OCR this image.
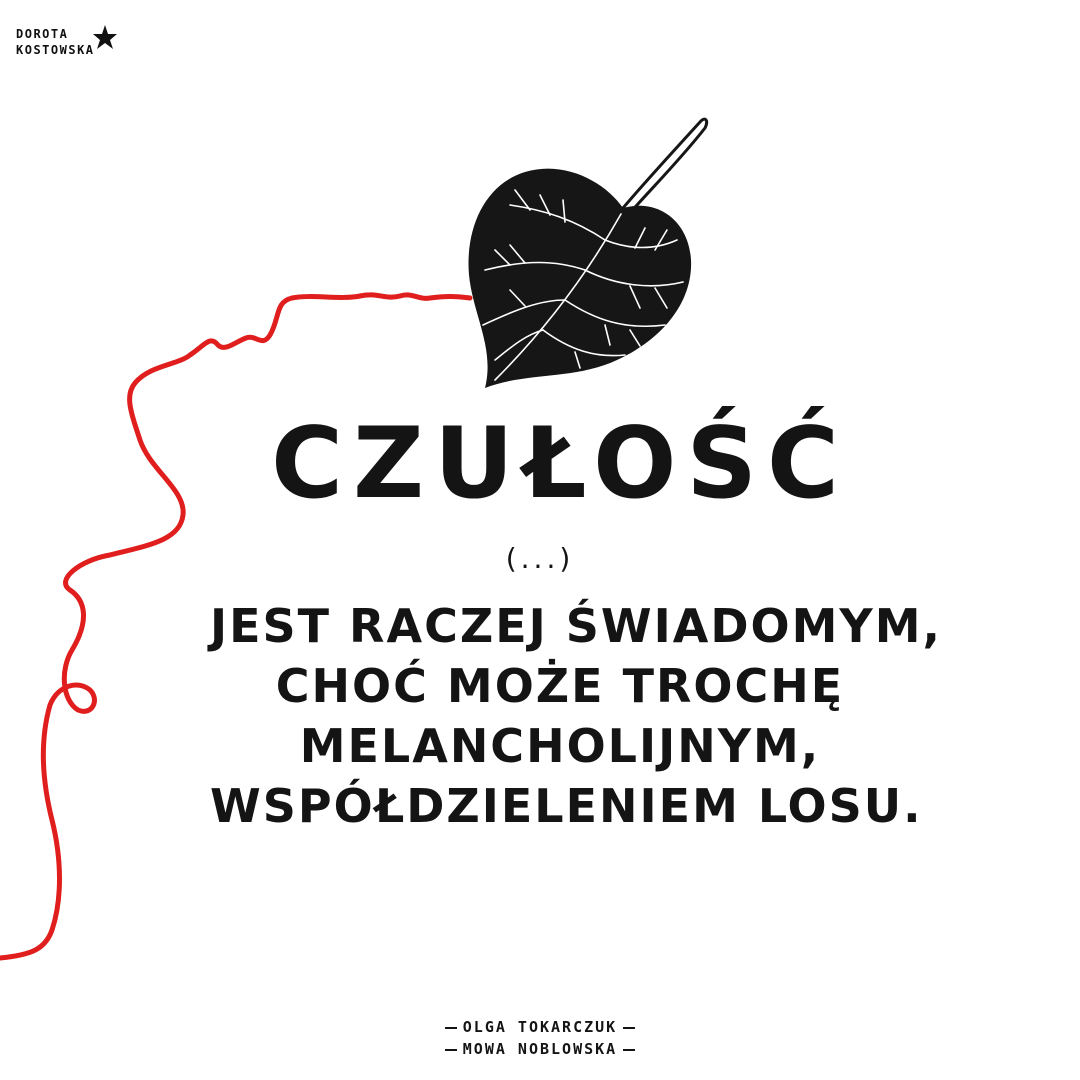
DOROTA
KOSTOWSKA
CZUŁOŚĆ
(...)
JEST RACZEJ ŚWIADOMYM,
CHOĆ MOŻE TROCHĘ
MELANCHOLIJNYM,
WSPÓŁDZIELENIEM LOSU.
OLGA TOKARCZUK
MOWA NOBLOWSKA
